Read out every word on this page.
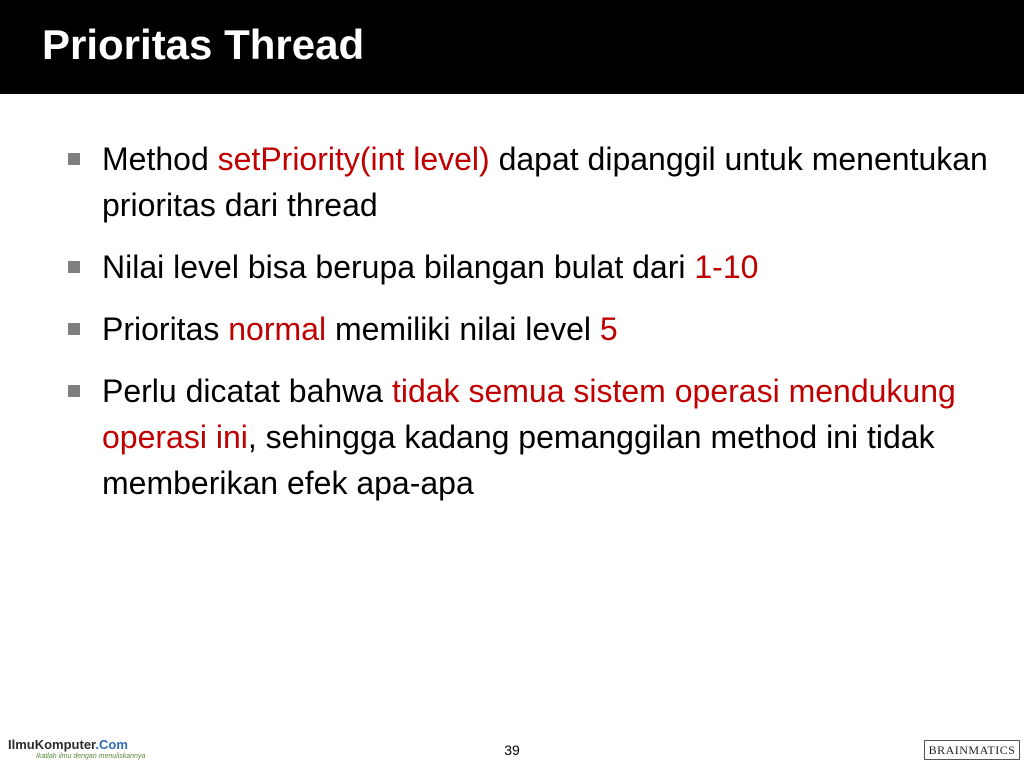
Prioritas Thread
Method setPriority(int level) dapat dipanggil untuk menentukan prioritas dari thread
Nilai level bisa berupa bilangan bulat dari 1-10
Prioritas normal memiliki nilai level 5
Perlu dicatat bahwa tidak semua sistem operasi mendukung operasi ini, sehingga kadang pemanggilan method ini tidak memberikan efek apa-apa
IlmuKomputer.Com
Ikatlah ilmu dengan menuliskannya	39	BRAINMATICS
